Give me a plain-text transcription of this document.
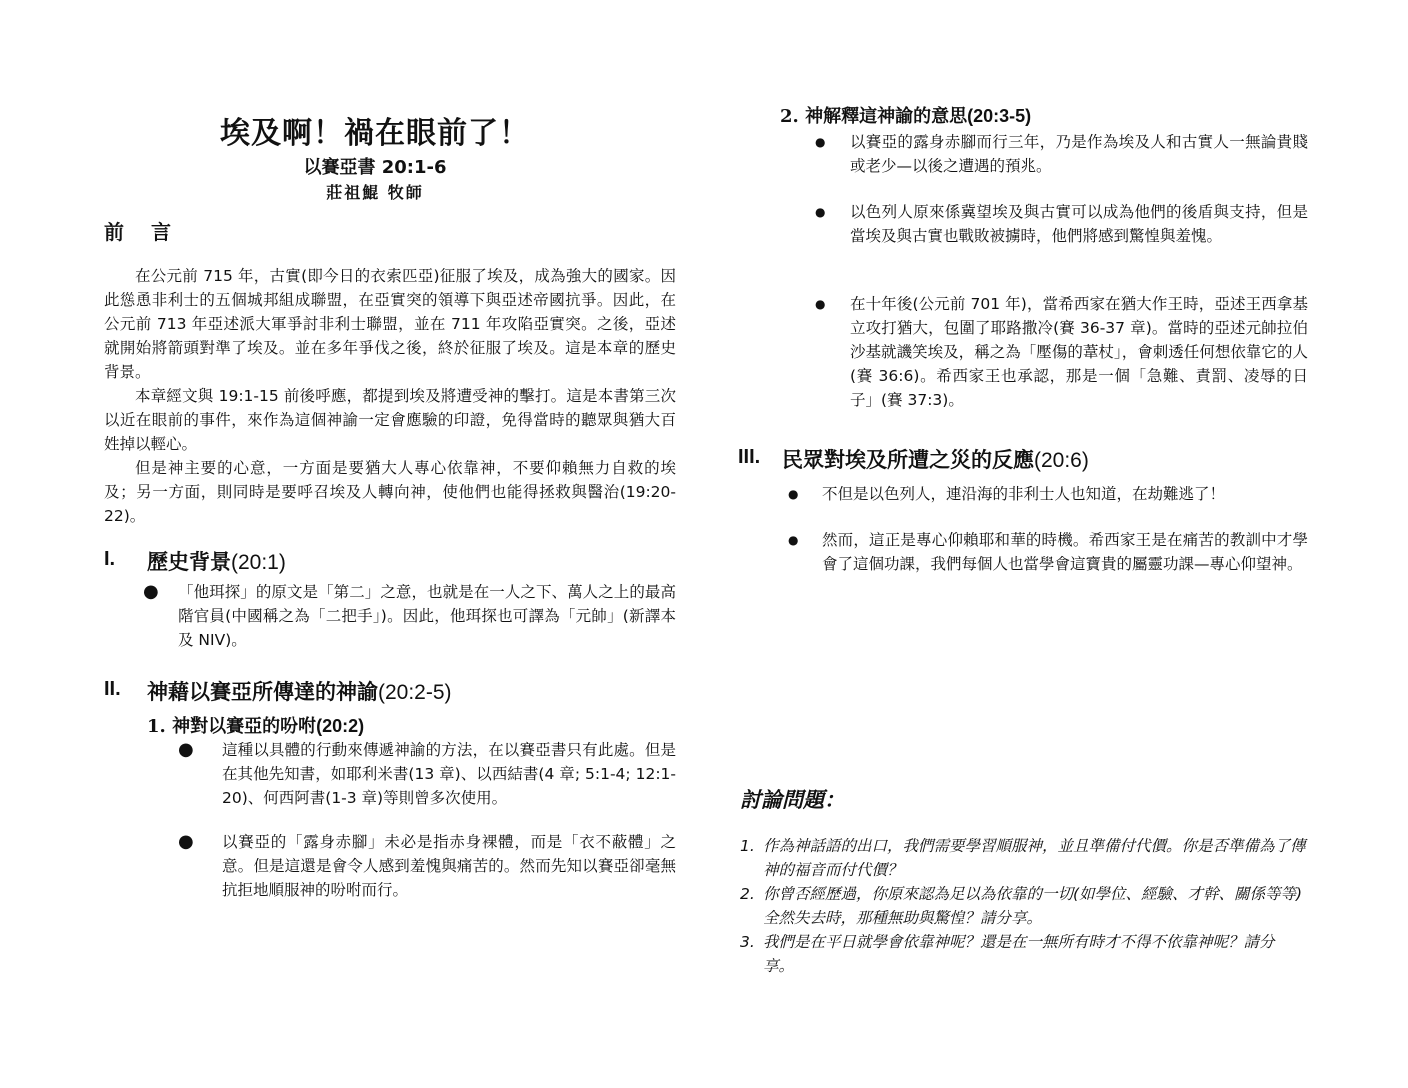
埃及啊！禍在眼前了！
以賽亞書 20:1-6
莊祖鯤 牧師
前 言

在公元前 715 年，古實(即今日的衣索匹亞)征服了埃及，成為強大的國家。因此慫恿非利士的五個城邦組成聯盟，在亞實突的領導下與亞述帝國抗爭。因此，在公元前 713 年亞述派大軍爭討非利士聯盟，並在 711 年攻陷亞實突。之後，亞述就開始將箭頭對準了埃及。並在多年爭伐之後，終於征服了埃及。這是本章的歷史背景。

本章經文與 19:1-15 前後呼應，都提到埃及將遭受神的擊打。這是本書第三次以近在眼前的事件，來作為這個神諭一定會應驗的印證，免得當時的聽眾與猶大百姓掉以輕心。

但是神主要的心意，一方面是要猶大人專心依靠神，不要仰賴無力自救的埃及；另一方面，則同時是要呼召埃及人轉向神，使他們也能得拯救與醫治(19:20-22)。

I. 歷史背景(20:1)
● 「他珥探」的原文是「第二」之意，也就是在一人之下、萬人之上的最高階官員(中國稱之為「二把手」)。因此，他珥探也可譯為「元帥」(新譯本及 NIV)。
II. 神藉以賽亞所傳達的神諭(20:2-5)
1. 神對以賽亞的吩咐(20:2)
● 這種以具體的行動來傳遞神諭的方法，在以賽亞書只有此處。但是在其他先知書，如耶利米書(13 章)、以西結書(4 章; 5:1-4; 12:1-20)、何西阿書(1-3 章)等則曾多次使用。
● 以賽亞的「露身赤腳」未必是指赤身裸體，而是「衣不蔽體」之意。但是這還是會令人感到羞愧與痛苦的。然而先知以賽亞卻毫無抗拒地順服神的吩咐而行。
2. 神解釋這神諭的意思(20:3-5)
● 以賽亞的露身赤腳而行三年，乃是作為埃及人和古實人一無論貴賤或老少—以後之遭遇的預兆。
● 以色列人原來係冀望埃及與古實可以成為他們的後盾與支持，但是當埃及與古實也戰敗被擄時，他們將感到驚惶與羞愧。
● 在十年後(公元前 701 年)，當希西家在猶大作王時，亞述王西拿基立攻打猶大，包圍了耶路撒冷(賽 36-37 章)。當時的亞述元帥拉伯沙基就譏笑埃及，稱之為「壓傷的葦杖」，會刺透任何想依靠它的人(賽 36:6)。希西家王也承認，那是一個「急難、責罰、凌辱的日子」(賽 37:3)。
III. 民眾對埃及所遭之災的反應(20:6)
● 不但是以色列人，連沿海的非利士人也知道，在劫難逃了！
● 然而，這正是專心仰賴耶和華的時機。希西家王是在痛苦的教訓中才學會了這個功課，我們每個人也當學會這寶貴的屬靈功課—專心仰望神。
討論問題：
1. 作為神話語的出口，我們需要學習順服神，並且準備付代價。你是否準備為了傳神的福音而付代價？
2. 你曾否經歷過，你原來認為足以為依靠的一切(如學位、經驗、才幹、關係等等)全然失去時，那種無助與驚惶？請分享。
3. 我們是在平日就學會依靠神呢？還是在一無所有時才不得不依靠神呢？請分享。
